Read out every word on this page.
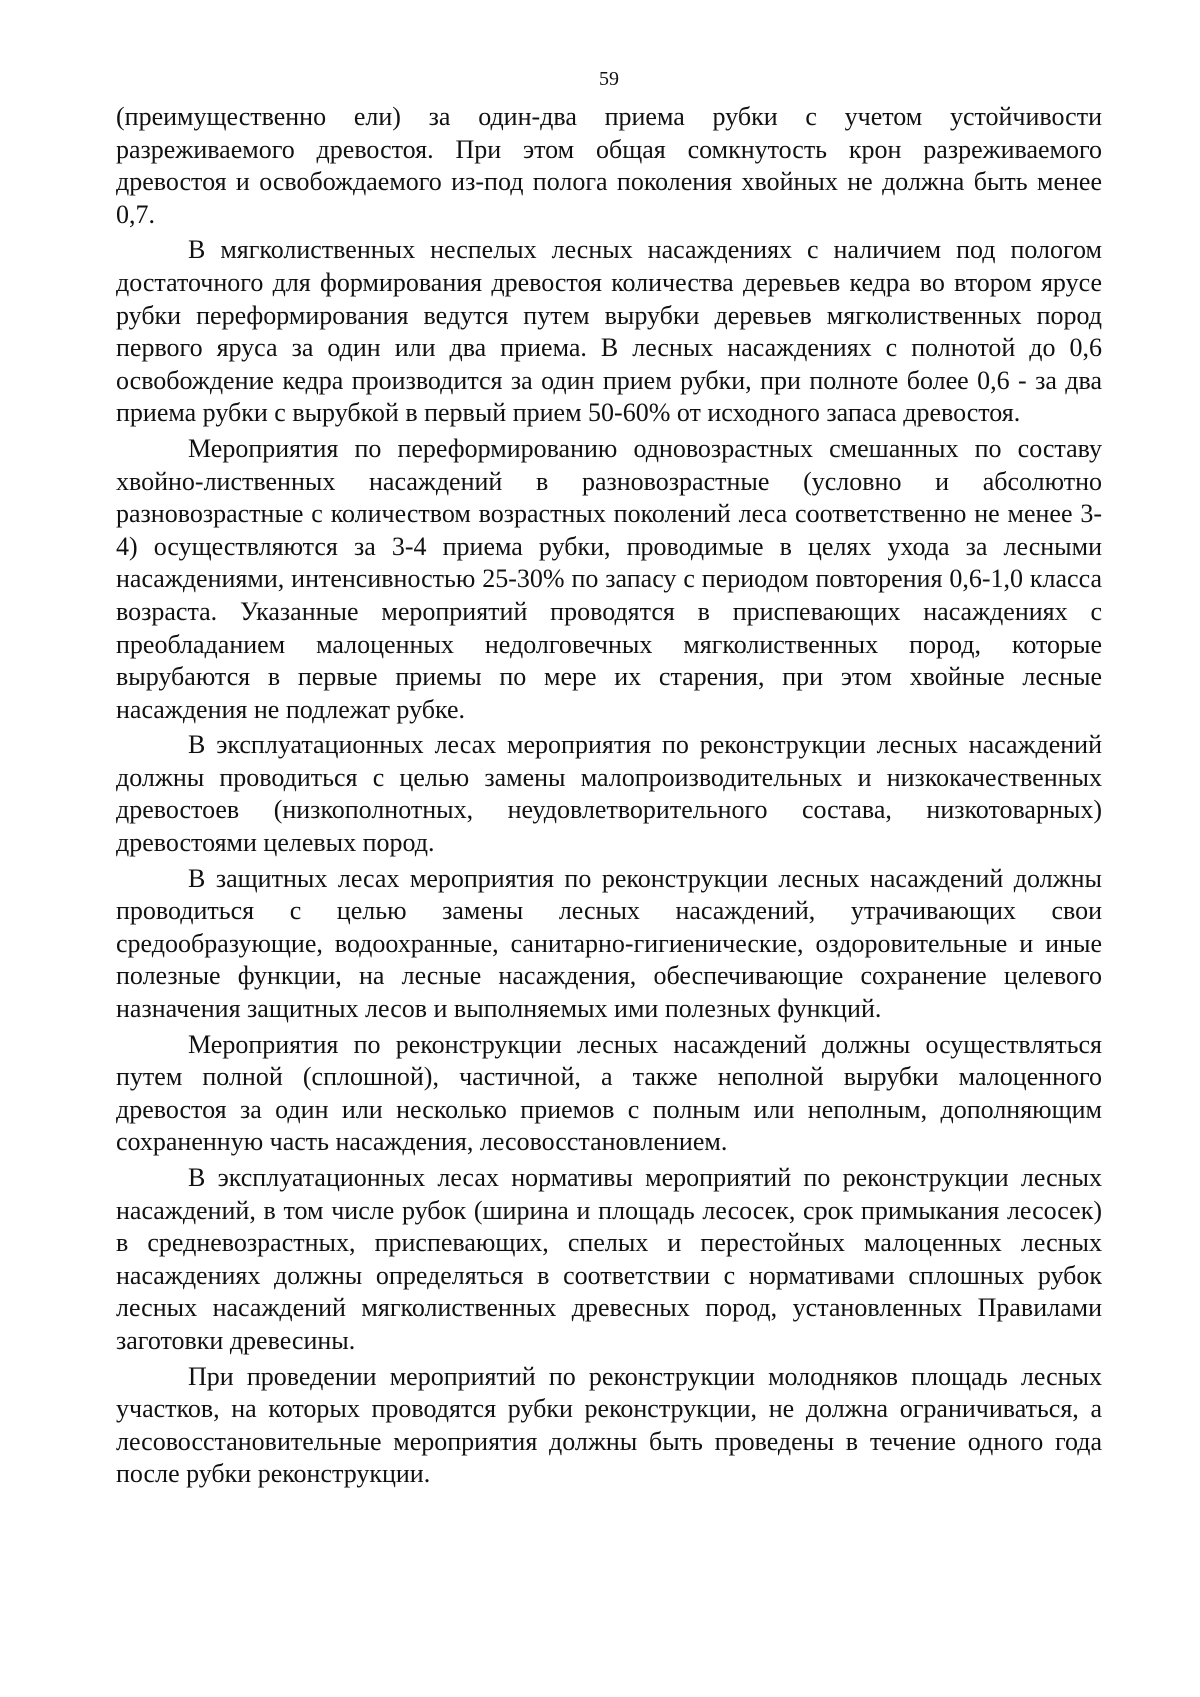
59

(преимущественно ели) за один-два приема рубки с учетом устойчивости разреживаемого древостоя. При этом общая сомкнутость крон разреживаемого древостоя и освобождаемого из-под полога поколения хвойных не должна быть менее 0,7.

В мягколиственных неспелых лесных насаждениях с наличием под пологом достаточного для формирования древостоя количества деревьев кедра во втором ярусе рубки переформирования ведутся путем вырубки деревьев мягколиственных пород первого яруса за один или два приема. В лесных насаждениях с полнотой до 0,6 освобождение кедра производится за один прием рубки, при полноте более 0,6 - за два приема рубки с вырубкой в первый прием 50-60% от исходного запаса древостоя.

Мероприятия по переформированию одновозрастных смешанных по составу хвойно-лиственных насаждений в разновозрастные (условно и абсолютно разновозрастные с количеством возрастных поколений леса соответственно не менее 3-4) осуществляются за 3-4 приема рубки, проводимые в целях ухода за лесными насаждениями, интенсивностью 25-30% по запасу с периодом повторения 0,6-1,0 класса возраста. Указанные мероприятий проводятся в приспевающих насаждениях с преобладанием малоценных недолговечных мягколиственных пород, которые вырубаются в первые приемы по мере их старения, при этом хвойные лесные насаждения не подлежат рубке.

В эксплуатационных лесах мероприятия по реконструкции лесных насаждений должны проводиться с целью замены малопроизводительных и низкокачественных древостоев (низкополнотных, неудовлетворительного состава, низкотоварных) древостоями целевых пород.

В защитных лесах мероприятия по реконструкции лесных насаждений должны проводиться с целью замены лесных насаждений, утрачивающих свои средообразующие, водоохранные, санитарно-гигиенические, оздоровительные и иные полезные функции, на лесные насаждения, обеспечивающие сохранение целевого назначения защитных лесов и выполняемых ими полезных функций.

Мероприятия по реконструкции лесных насаждений должны осуществляться путем полной (сплошной), частичной, а также неполной вырубки малоценного древостоя за один или несколько приемов с полным или неполным, дополняющим сохраненную часть насаждения, лесовосстановлением.

В эксплуатационных лесах нормативы мероприятий по реконструкции лесных насаждений, в том числе рубок (ширина и площадь лесосек, срок примыкания лесосек) в средневозрастных, приспевающих, спелых и перестойных малоценных лесных насаждениях должны определяться в соответствии с нормативами сплошных рубок лесных насаждений мягколиственных древесных пород, установленных Правилами заготовки древесины.

При проведении мероприятий по реконструкции молодняков площадь лесных участков, на которых проводятся рубки реконструкции, не должна ограничиваться, а лесовосстановительные мероприятия должны быть проведены в течение одного года после рубки реконструкции.
